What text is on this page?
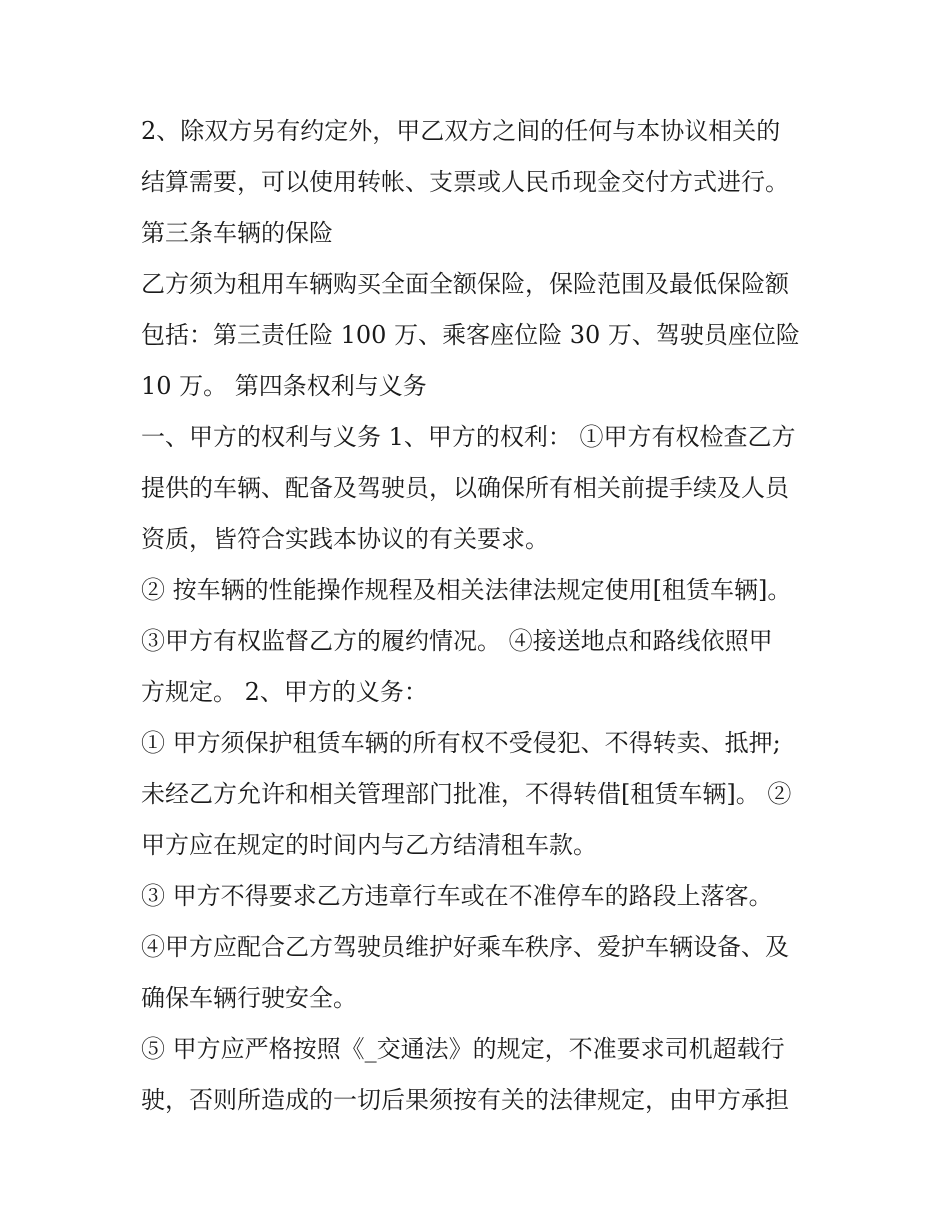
2、除双方另有约定外，甲乙双方之间的任何与本协议相关的
结算需要，可以使用转帐、支票或人民币现金交付方式进行。
第三条车辆的保险
乙方须为租用车辆购买全面全额保险，保险范围及最低保险额
包括：第三责任险 100 万、乘客座位险 30 万、驾驶员座位险
10 万。 第四条权利与义务
一、甲方的权利与义务 1、甲方的权利： ①甲方有权检查乙方
提供的车辆、配备及驾驶员，以确保所有相关前提手续及人员
资质，皆符合实践本协议的有关要求。
② 按车辆的性能操作规程及相关法律法规定使用[租赁车辆]。
③甲方有权监督乙方的履约情况。 ④接送地点和路线依照甲
方规定。 2、甲方的义务：
① 甲方须保护租赁车辆的所有权不受侵犯、不得转卖、抵押;
未经乙方允许和相关管理部门批准，不得转借[租赁车辆]。 ②
甲方应在规定的时间内与乙方结清租车款。
③ 甲方不得要求乙方违章行车或在不准停车的路段上落客。
④甲方应配合乙方驾驶员维护好乘车秩序、爱护车辆设备、及
确保车辆行驶安全。
⑤ 甲方应严格按照《_交通法》的规定，不准要求司机超载行
驶，否则所造成的一切后果须按有关的法律规定，由甲方承担
